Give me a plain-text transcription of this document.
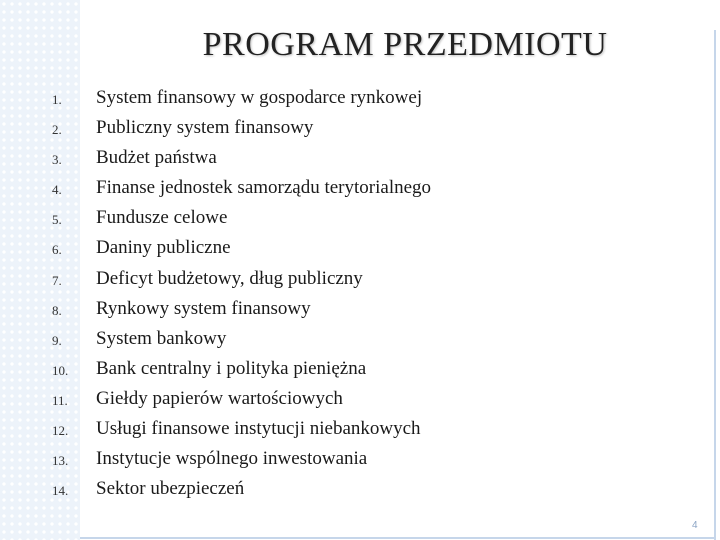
PROGRAM PRZEDMIOTU
1. System finansowy w gospodarce rynkowej
2. Publiczny system finansowy
3. Budżet państwa
4. Finanse jednostek samorządu terytorialnego
5. Fundusze celowe
6. Daniny publiczne
7. Deficyt budżetowy, dług publiczny
8. Rynkowy system finansowy
9. System bankowy
10. Bank centralny i polityka pieniężna
11. Giełdy papierów wartościowych
12. Usługi finansowe instytucji niebankowych
13. Instytucje wspólnego inwestowania
14. Sektor ubezpieczeń
4
